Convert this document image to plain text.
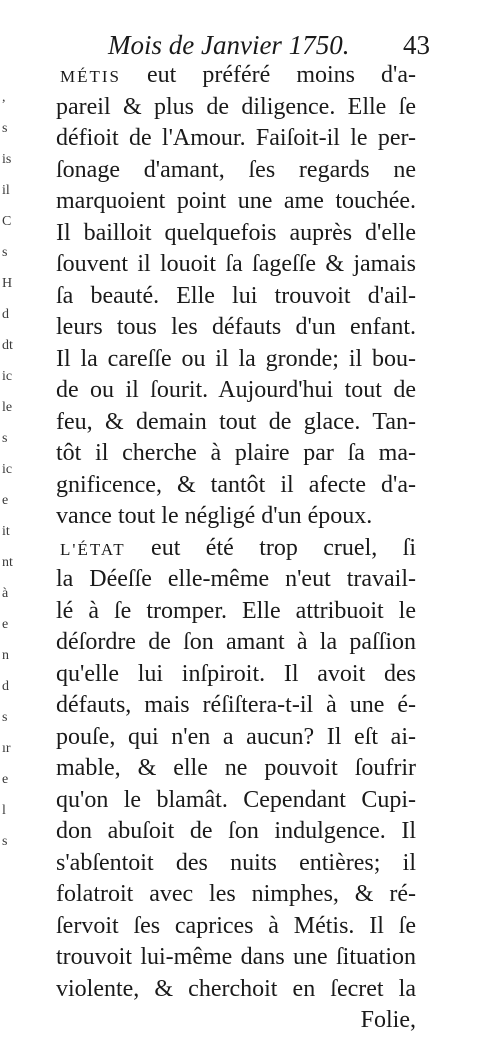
,
s
is
il
C
s
H
d
dt
ic
le
s
ic
e
it
nt
à
e
n
d
s
ır
e
l
s
Mois de Janvier 1750. 43
MÉTIS eut préféré moins d'a-
pareil & plus de diligence. Elle ſe
défioit de l'Amour. Faiſoit-il le per-
ſonage d'amant, ſes regards ne
marquoient point une ame touchée.
Il bailloit quelquefois auprès d'elle
ſouvent il louoit ſa ſageſſe & jamais
ſa beauté. Elle lui trouvoit d'ail-
leurs tous les défauts d'un enfant.
Il la careſſe ou il la gronde; il bou-
de ou il ſourit. Aujourd'hui tout de
feu, & demain tout de glace. Tan-
tôt il cherche à plaire par ſa ma-
gnificence, & tantôt il afecte d'a-
vance tout le négligé d'un époux.
L'ÉTAT eut été trop cruel, ſi
la Déeſſe elle-même n'eut travail-
lé à ſe tromper. Elle attribuoit le
déſordre de ſon amant à la paſſion
qu'elle lui inſpiroit. Il avoit des
défauts, mais réſiſtera-t-il à une é-
pouſe, qui n'en a aucun? Il eſt ai-
mable, & elle ne pouvoit ſoufrir
qu'on le blamât. Cependant Cupi-
don abuſoit de ſon indulgence. Il
s'abſentoit des nuits entières; il
folatroit avec les nimphes, & ré-
ſervoit ſes caprices à Métis. Il ſe
trouvoit lui-même dans une ſituation
violente, & cherchoit en ſecret la
Folie,
